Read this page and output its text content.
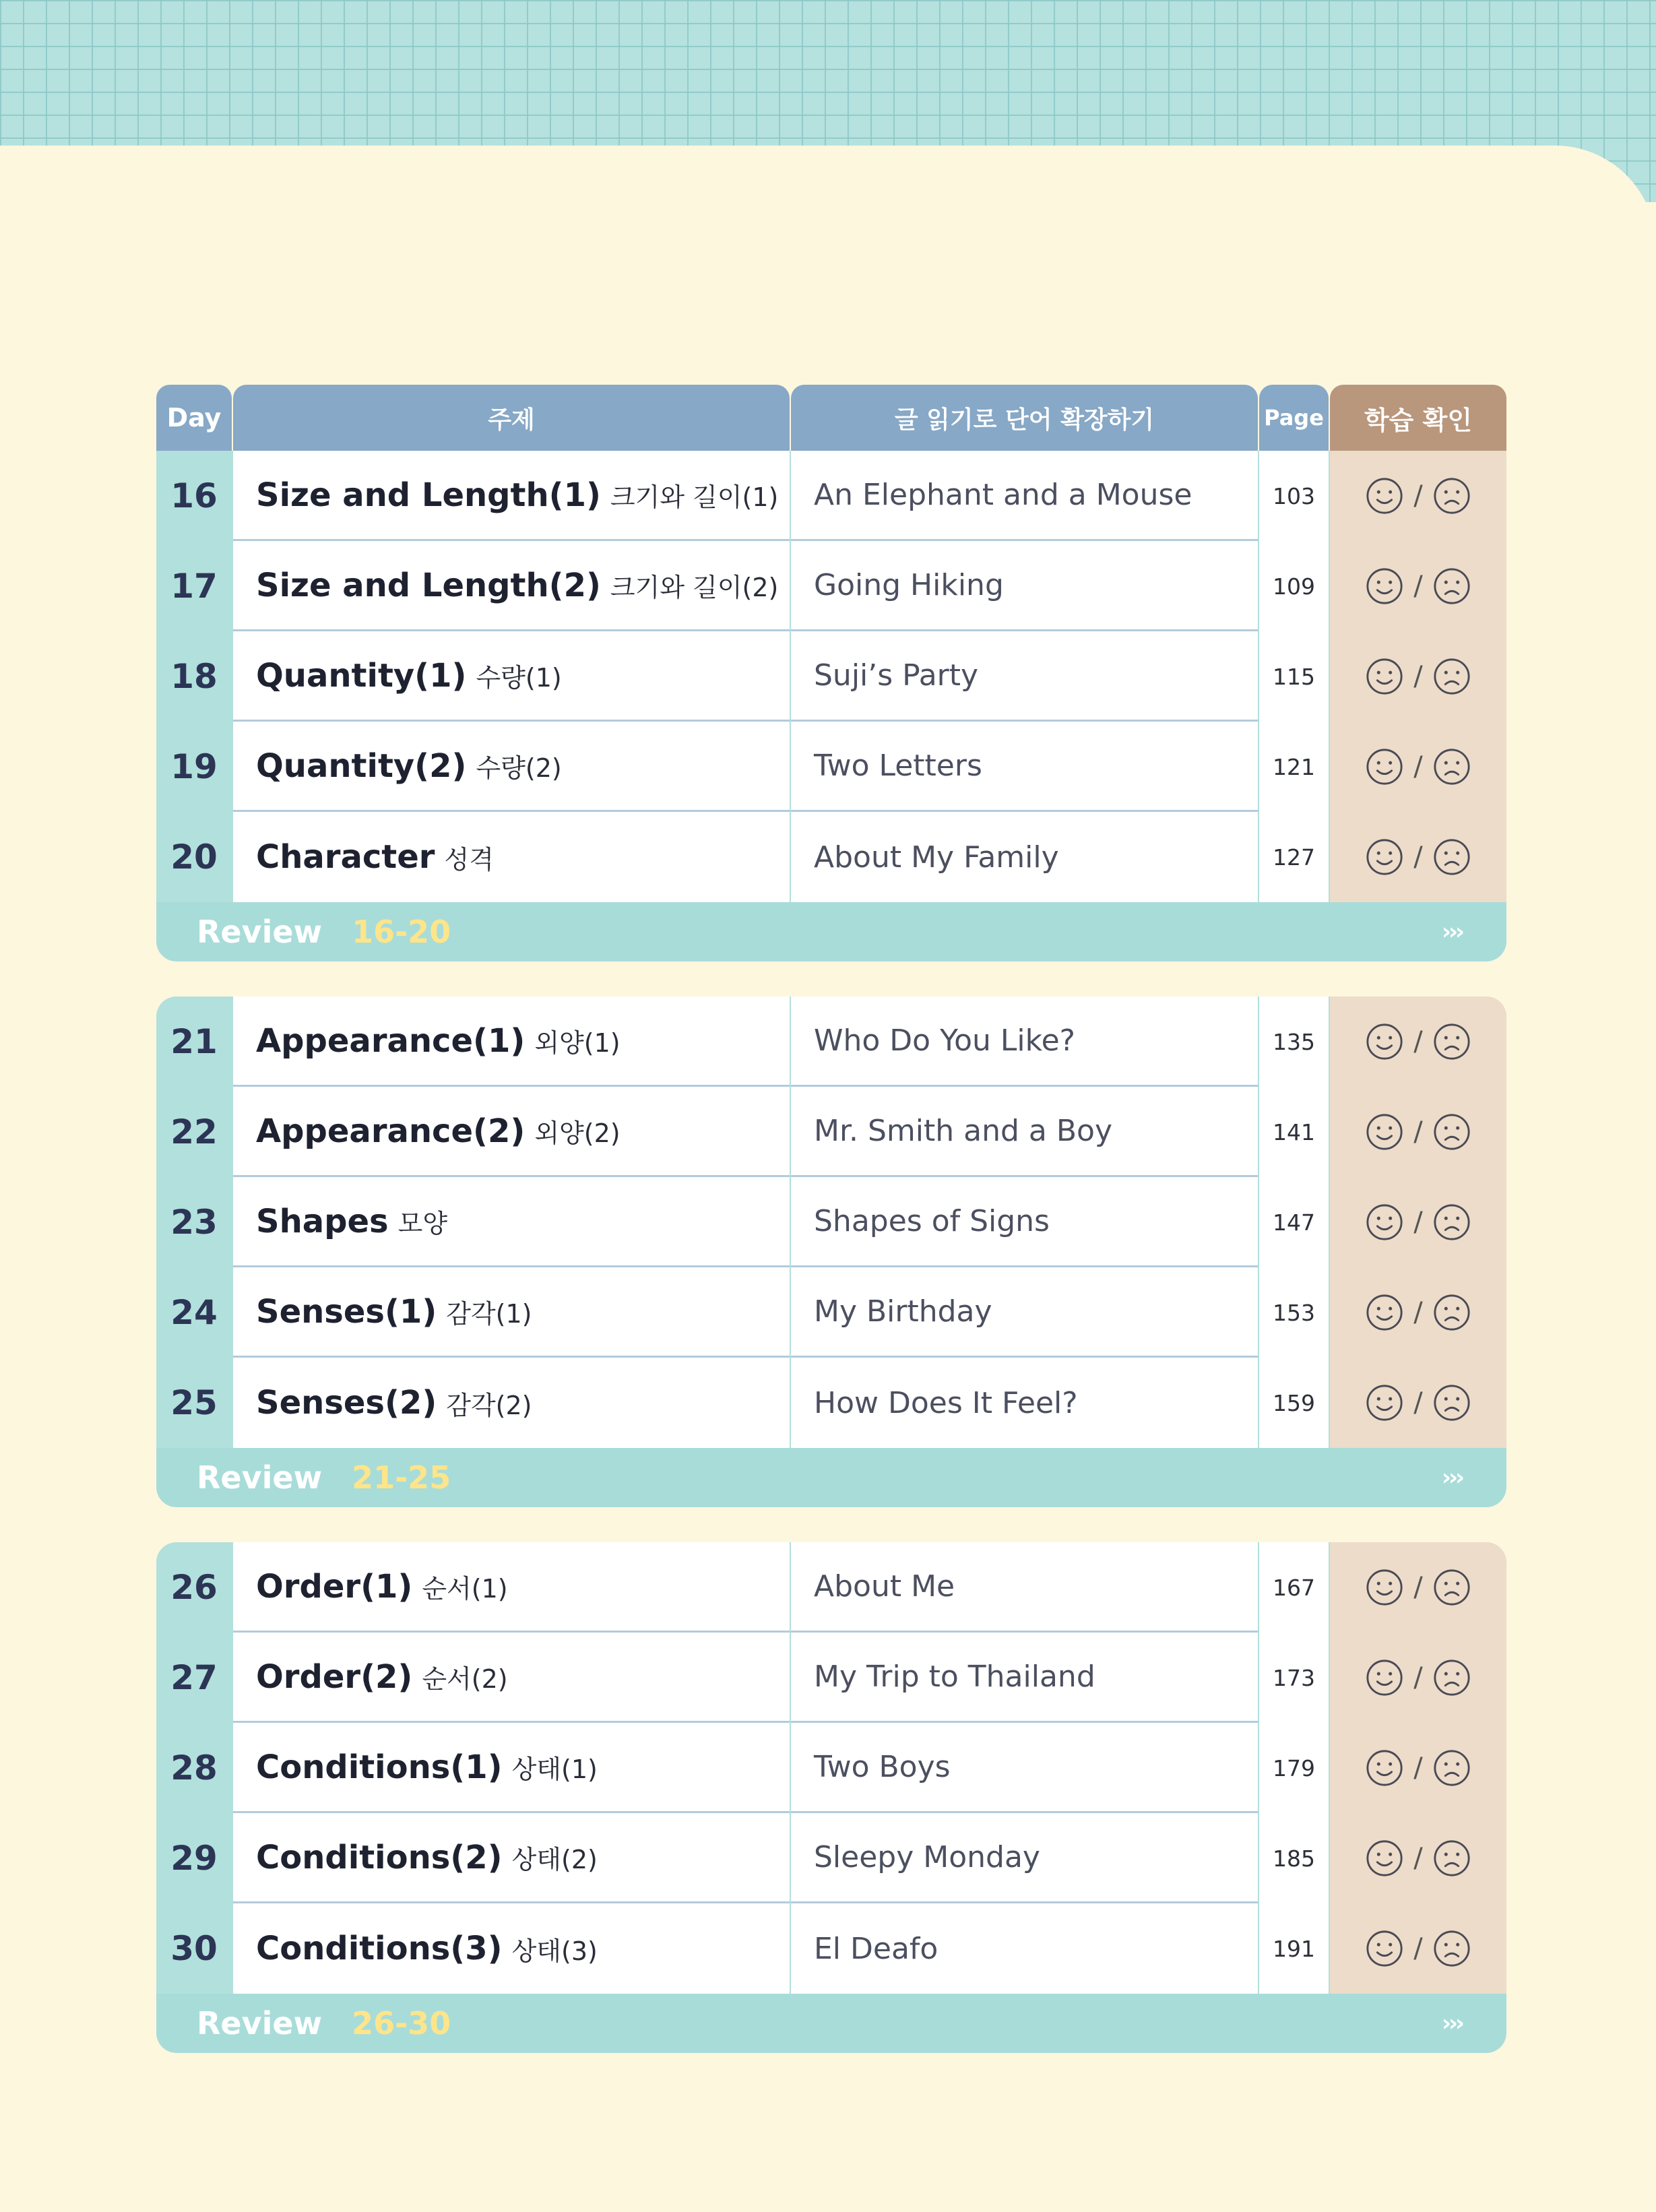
Day	주제	글 읽기로 단어 확장하기	Page	학습 확인
16	Size and Length(1) 크기와 길이(1)	An Elephant and a Mouse	103	/
17	Size and Length(2) 크기와 길이(2)	Going Hiking	109	/
18	Quantity(1) 수량(1)	Suji’s Party	115	/
19	Quantity(2) 수량(2)	Two Letters	121	/
20	Character 성격	About My Family	127	/
Review 16-20	›››
21	Appearance(1) 외양(1)	Who Do You Like?	135	/
22	Appearance(2) 외양(2)	Mr. Smith and a Boy	141	/
23	Shapes 모양	Shapes of Signs	147	/
24	Senses(1) 감각(1)	My Birthday	153	/
25	Senses(2) 감각(2)	How Does It Feel?	159	/
Review 21-25	›››
26	Order(1) 순서(1)	About Me	167	/
27	Order(2) 순서(2)	My Trip to Thailand	173	/
28	Conditions(1) 상태(1)	Two Boys	179	/
29	Conditions(2) 상태(2)	Sleepy Monday	185	/
30	Conditions(3) 상태(3)	El Deafo	191	/
Review 26-30	›››
